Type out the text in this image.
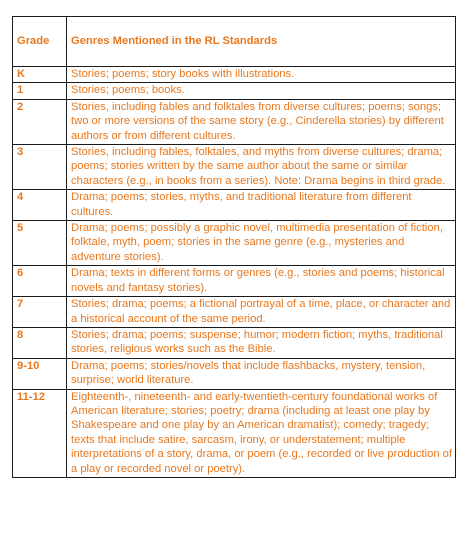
Grade	Genres Mentioned in the RL Standards
K	Stories; poems; story books with illustrations.
1	Stories; poems; books.
2	Stories, including fables and folktales from diverse cultures; poems; songs; two or more versions of the same story (e.g., Cinderella stories) by different authors or from different cultures.
3	Stories, including fables, folktales, and myths from diverse cultures; drama; poems; stories written by the same author about the same or similar characters (e.g., in books from a series). Note: Drama begins in third grade.
4	Drama; poems; stories, myths, and traditional literature from different cultures.
5	Drama; poems; possibly a graphic novel, multimedia presentation of fiction, folktale, myth, poem; stories in the same genre (e.g., mysteries and adventure stories).
6	Drama; texts in different forms or genres (e.g., stories and poems; historical novels and fantasy stories).
7	Stories; drama; poems; a fictional portrayal of a time, place, or character and a historical account of the same period.
8	Stories; drama; poems; suspense; humor; modern fiction; myths, traditional stories, religious works such as the Bible.
9-10	Drama; poems; stories/novels that include flashbacks, mystery, tension, surprise; world literature.
11-12	Eighteenth-, nineteenth- and early-twentieth-century foundational works of American literature; stories; poetry; drama (including at least one play by Shakespeare and one play by an American dramatist); comedy; tragedy; texts that include satire, sarcasm, irony, or understatement; multiple interpretations of a story, drama, or poem (e.g., recorded or live production of a play or recorded novel or poetry).
